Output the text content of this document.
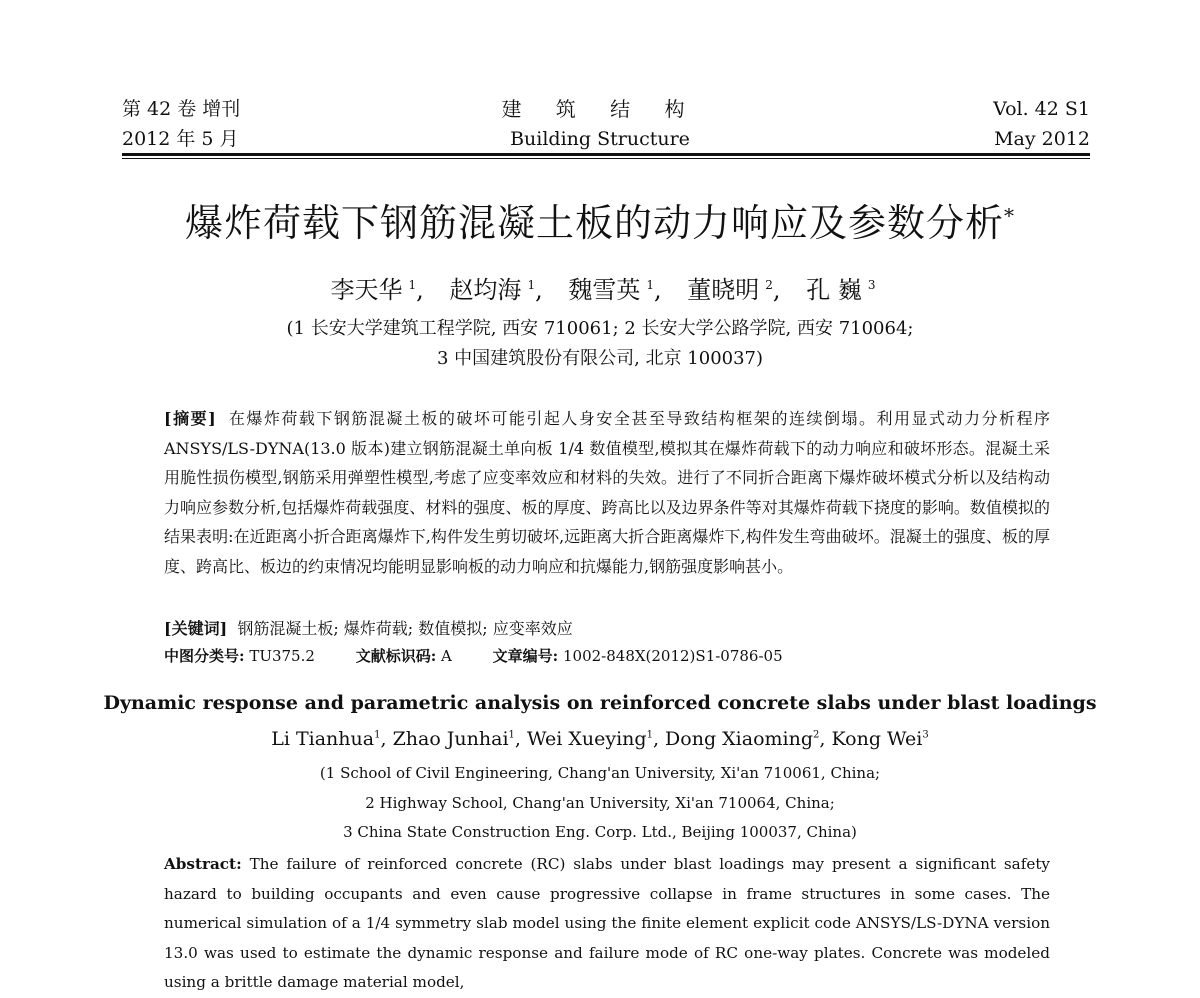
第 42 卷 增刊
2012 年 5 月
建 筑 结 构
Building Structure
Vol. 42 S1
May 2012
爆炸荷载下钢筋混凝土板的动力响应及参数分析*
李天华 $^1$, 赵均海 $^1$, 魏雪英 $^1$, 董晓明 $^2$, 孔 巍 $^3$
(1 长安大学建筑工程学院, 西安 710061; 2 长安大学公路学院, 西安 710064;
3 中国建筑股份有限公司, 北京 100037)
[摘要] 在爆炸荷载下钢筋混凝土板的破坏可能引起人身安全甚至导致结构框架的连续倒塌。利用显式动力分析程序 ANSYS/LS-DYNA(13.0 版本)建立钢筋混凝土单向板 1/4 数值模型,模拟其在爆炸荷载下的动力响应和破坏形态。混凝土采用脆性损伤模型,钢筋采用弹塑性模型,考虑了应变率效应和材料的失效。进行了不同折合距离下爆炸破坏模式分析以及结构动力响应参数分析,包括爆炸荷载强度、材料的强度、板的厚度、跨高比以及边界条件等对其爆炸荷载下挠度的影响。数值模拟的结果表明:在近距离小折合距离爆炸下,构件发生剪切破坏,远距离大折合距离爆炸下,构件发生弯曲破坏。混凝土的强度、板的厚度、跨高比、板边的约束情况均能明显影响板的动力响应和抗爆能力,钢筋强度影响甚小。
[关键词] 钢筋混凝土板; 爆炸荷载; 数值模拟; 应变率效应
中图分类号: TU375.2	文献标识码: A	文章编号: 1002-848X(2012)S1-0786-05
Dynamic response and parametric analysis on reinforced concrete slabs under blast loadings
Li Tianhua$^1$, Zhao Junhai$^1$, Wei Xueying$^1$, Dong Xiaoming$^2$, Kong Wei$^3$
(1 School of Civil Engineering, Chang'an University, Xi'an 710061, China;
2 Highway School, Chang'an University, Xi'an 710064, China;
3 China State Construction Eng. Corp. Ltd., Beijing 100037, China)
Abstract: The failure of reinforced concrete (RC) slabs under blast loadings may present a significant safety hazard to building occupants and even cause progressive collapse in frame structures in some cases. The numerical simulation of a 1/4 symmetry slab model using the finite element explicit code ANSYS/LS-DYNA version 13.0 was used to estimate the dynamic response and failure mode of RC one-way plates. Concrete was modeled using a brittle damage material model,
